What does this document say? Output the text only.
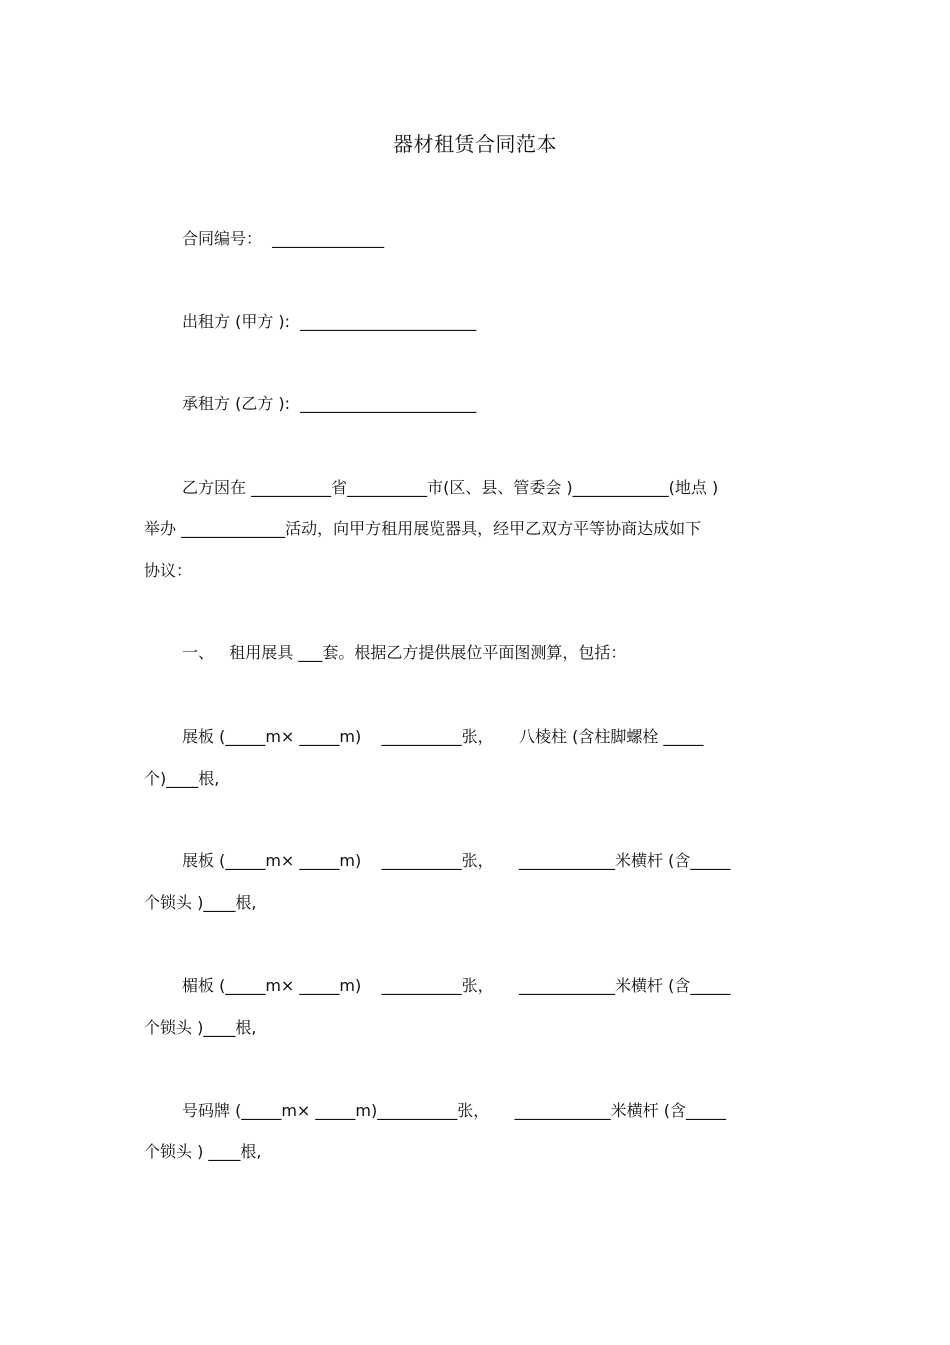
器材租赁合同范本
合同编号：  ______________
出租方 (甲方 ):  ______________________
承租方 (乙方 ):  ______________________
乙方因在 __________省__________市(区、县、管委会 )____________(地点 )
举办 _____________活动，向甲方租用展览器具，经甲乙双方平等协商达成如下
协议：
一、   租用展具 ___套。根据乙方提供展位平面图测算，包括：
展板 (_____m× _____m)    __________张，     八棱柱 (含柱脚螺栓 _____
个)____根,
展板 (_____m× _____m)    __________张，     ____________米横杆 (含_____
个锁头 )____根,
楣板 (_____m× _____m)    __________张，     ____________米横杆 (含_____
个锁头 )____根,
号码牌 (_____m× _____m)__________张，     ____________米横杆 (含_____
个锁头 ) ____根,
